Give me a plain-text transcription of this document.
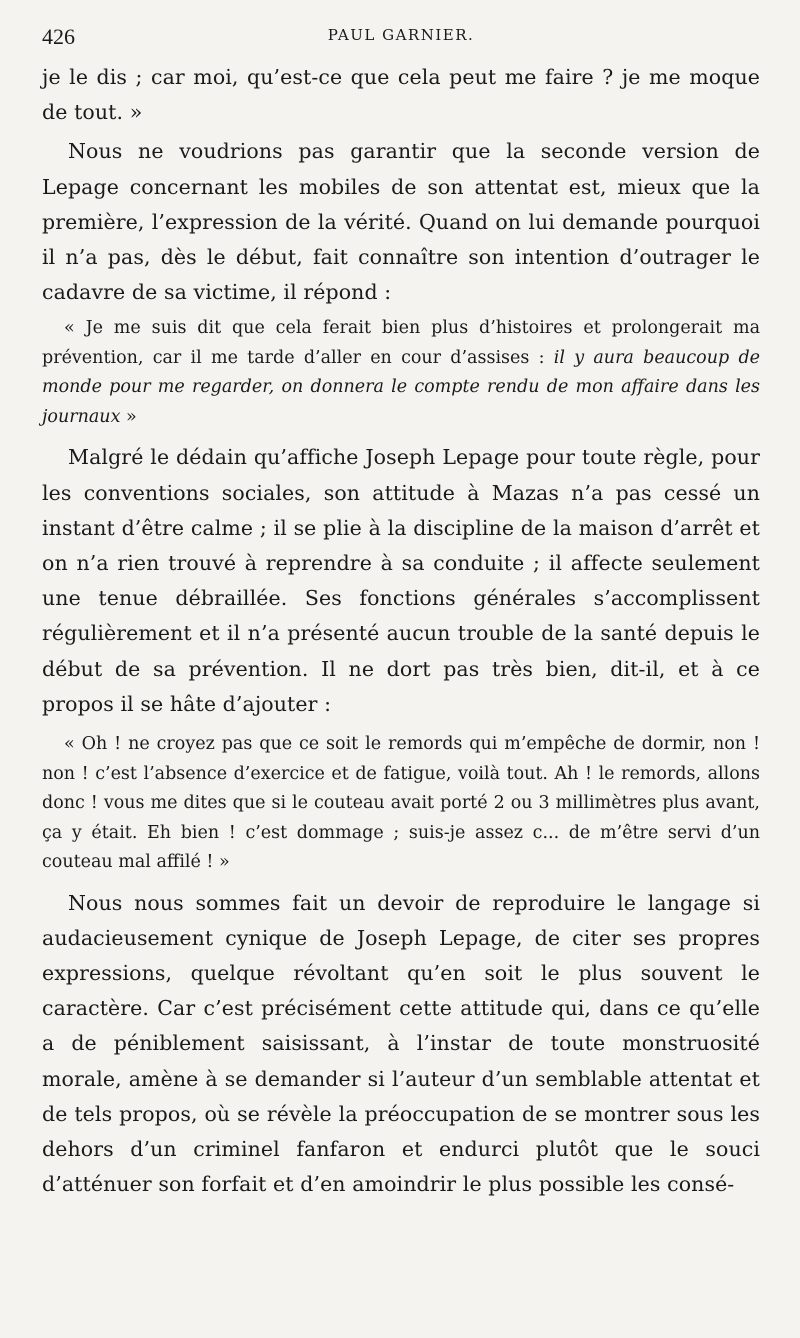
426	PAUL GARNIER.

je le dis ; car moi, qu’est-ce que cela peut me faire ? je me moque de tout. »

Nous ne voudrions pas garantir que la seconde version de Lepage concernant les mobiles de son attentat est, mieux que la première, l’expression de la vérité. Quand on lui demande pourquoi il n’a pas, dès le début, fait connaître son intention d’outrager le cadavre de sa victime, il répond :

« Je me suis dit que cela ferait bien plus d’histoires et prolongerait ma prévention, car il me tarde d’aller en cour d’assises : il y aura beaucoup de monde pour me regarder, on donnera le compte rendu de mon affaire dans les journaux »

Malgré le dédain qu’affiche Joseph Lepage pour toute règle, pour les conventions sociales, son attitude à Mazas n’a pas cessé un instant d’être calme ; il se plie à la discipline de la maison d’arrêt et on n’a rien trouvé à reprendre à sa conduite ; il affecte seulement une tenue débraillée. Ses fonctions générales s’accomplissent régulièrement et il n’a présenté aucun trouble de la santé depuis le début de sa prévention. Il ne dort pas très bien, dit-il, et à ce propos il se hâte d’ajouter :

« Oh ! ne croyez pas que ce soit le remords qui m’empêche de dormir, non ! non ! c’est l’absence d’exercice et de fatigue, voilà tout. Ah ! le remords, allons donc ! vous me dites que si le couteau avait porté 2 ou 3 millimètres plus avant, ça y était. Eh bien ! c’est dommage ; suis-je assez c... de m’être servi d’un couteau mal affilé ! »

Nous nous sommes fait un devoir de reproduire le langage si audacieusement cynique de Joseph Lepage, de citer ses propres expressions, quelque révoltant qu’en soit le plus souvent le caractère. Car c’est précisément cette attitude qui, dans ce qu’elle a de péniblement saisissant, à l’instar de toute monstruosité morale, amène à se demander si l’auteur d’un semblable attentat et de tels propos, où se révèle la préoccupation de se montrer sous les dehors d’un criminel fanfaron et endurci plutôt que le souci d’atténuer son forfait et d’en amoindrir le plus possible les consé-
